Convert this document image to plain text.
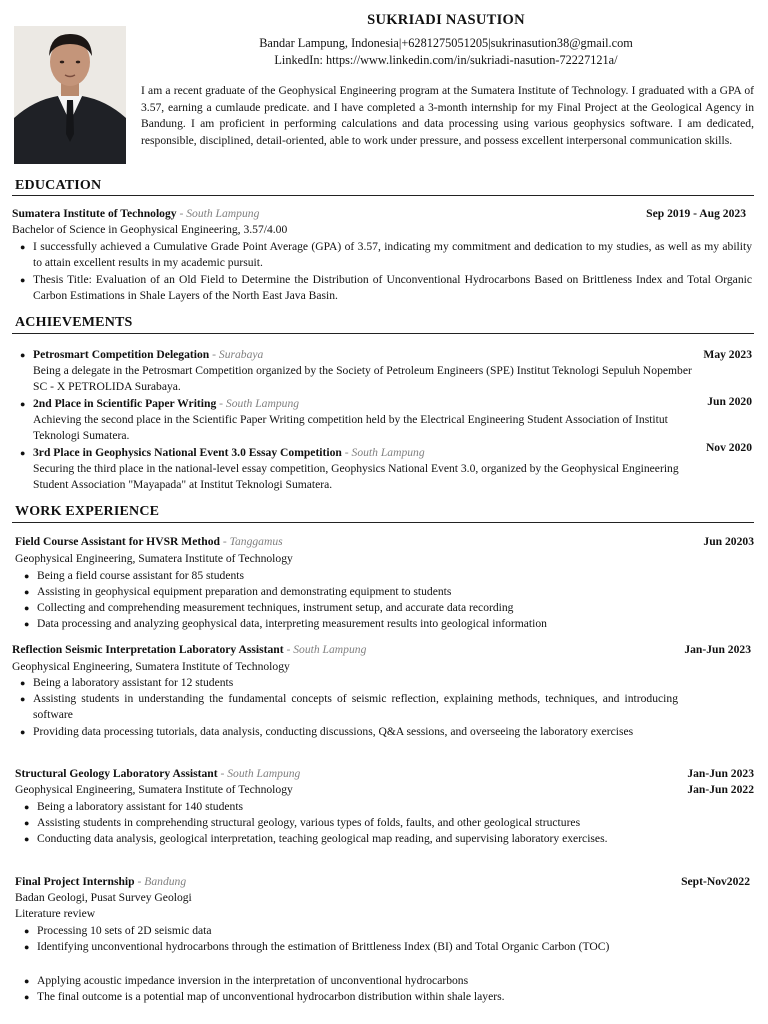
SUKRIADI NASUTION
Bandar Lampung, Indonesia|+6281275051205|sukrinasution38@gmail.com
LinkedIn: https://www.linkedin.com/in/sukriadi-nasution-72227121a/
I am a recent graduate of the Geophysical Engineering program at the Sumatera Institute of Technology. I graduated with a GPA of 3.57, earning a cumlaude predicate. and I have completed a 3-month internship for my Final Project at the Geological Agency in Bandung. I am proficient in performing calculations and data processing using various geophysics software. I am dedicated, responsible, disciplined, detail-oriented, able to work under pressure, and possess excellent interpersonal communication skills.
EDUCATION
Sumatera Institute of Technology - South Lampung	Sep 2019 - Aug 2023
Bachelor of Science in Geophysical Engineering, 3.57/4.00
● I successfully achieved a Cumulative Grade Point Average (GPA) of 3.57, indicating my commitment and dedication to my studies, as well as my ability to attain excellent results in my academic pursuit.
● Thesis Title: Evaluation of an Old Field to Determine the Distribution of Unconventional Hydrocarbons Based on Brittleness Index and Total Organic Carbon Estimations in Shale Layers of the North East Java Basin.
ACHIEVEMENTS
● Petrosmart Competition Delegation - Surabaya	May 2023
Being a delegate in the Petrosmart Competition organized by the Society of Petroleum Engineers (SPE) Institut Teknologi Sepuluh Nopember SC - X PETROLIDA Surabaya.
● 2nd Place in Scientific Paper Writing - South Lampung	Jun 2020
Achieving the second place in the Scientific Paper Writing competition held by the Electrical Engineering Student Association of Institut Teknologi Sumatera.
● 3rd Place in Geophysics National Event 3.0 Essay Competition - South Lampung	Nov 2020
Securing the third place in the national-level essay competition, Geophysics National Event 3.0, organized by the Geophysical Engineering Student Association "Mayapada" at Institut Teknologi Sumatera.
WORK EXPERIENCE
Field Course Assistant for HVSR Method - Tanggamus	Jun 20203
Geophysical Engineering, Sumatera Institute of Technology
● Being a field course assistant for 85 students
● Assisting in geophysical equipment preparation and demonstrating equipment to students
● Collecting and comprehending measurement techniques, instrument setup, and accurate data recording
● Data processing and analyzing geophysical data, interpreting measurement results into geological information
Reflection Seismic Interpretation Laboratory Assistant - South Lampung	Jan-Jun 2023
Geophysical Engineering, Sumatera Institute of Technology
● Being a laboratory assistant for 12 students
● Assisting students in understanding the fundamental concepts of seismic reflection, explaining methods, techniques, and introducing software
● Providing data processing tutorials, data analysis, conducting discussions, Q&A sessions, and overseeing the laboratory exercises
Structural Geology Laboratory Assistant - South Lampung	Jan-Jun 2023
Geophysical Engineering, Sumatera Institute of Technology	Jan-Jun 2022
● Being a laboratory assistant for 140 students
● Assisting students in comprehending structural geology, various types of folds, faults, and other geological structures
● Conducting data analysis, geological interpretation, teaching geological map reading, and supervising laboratory exercises.
Final Project Internship - Bandung	Sept-Nov2022
Badan Geologi, Pusat Survey Geologi
Literature review
● Processing 10 sets of 2D seismic data
● Identifying unconventional hydrocarbons through the estimation of Brittleness Index (BI) and Total Organic Carbon (TOC)
● Applying acoustic impedance inversion in the interpretation of unconventional hydrocarbons
● The final outcome is a potential map of unconventional hydrocarbon distribution within shale layers.
